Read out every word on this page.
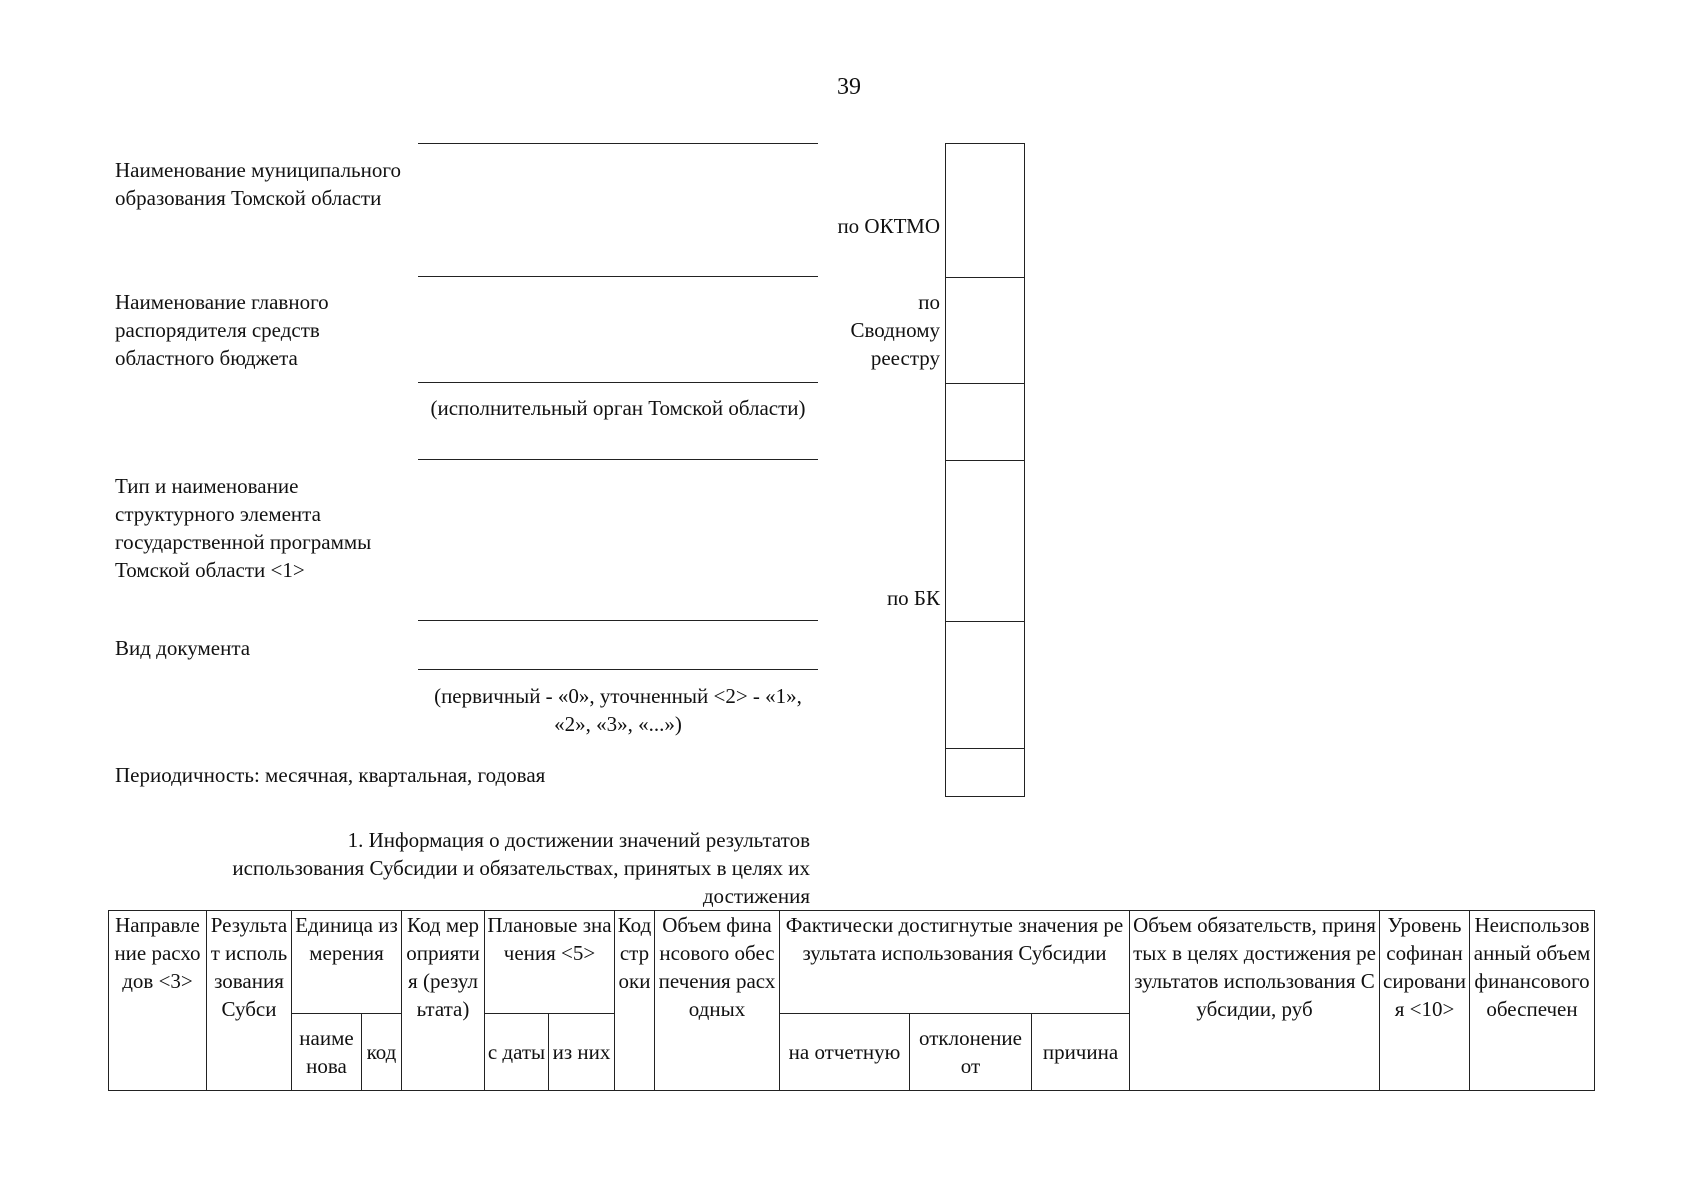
39
Наименование муниципального образования Томской области
по ОКТМО
Наименование главного распорядителя средств областного бюджета
по Сводному реестру
(исполнительный орган Томской области)
Тип и наименование структурного элемента государственной программы Томской области <1>
по БК
Вид документа
(первичный - «0», уточненный <2> - «1», «2», «3», «...»)
Периодичность: месячная, квартальная, годовая
1. Информация о достижении значений результатов использования Субсидии и обязательствах, принятых в целях их достижения
Направление расходов <3>	Результат использования Субси	Единица измерения		Код мероприятия (результата)	Плановые значения <5>		Код строки	Объем финансового обеспечения расходных	Фактически достигнутые значения результата использования Субсидии			Объем обязательств, принятых в целях достижения результатов использования Субсидии, руб	Уровень софинансирования <10>	Неиспользованный объем финансового обеспечен
		наименова	код		с даты	из них			на отчетную	отклонение от	причина			
